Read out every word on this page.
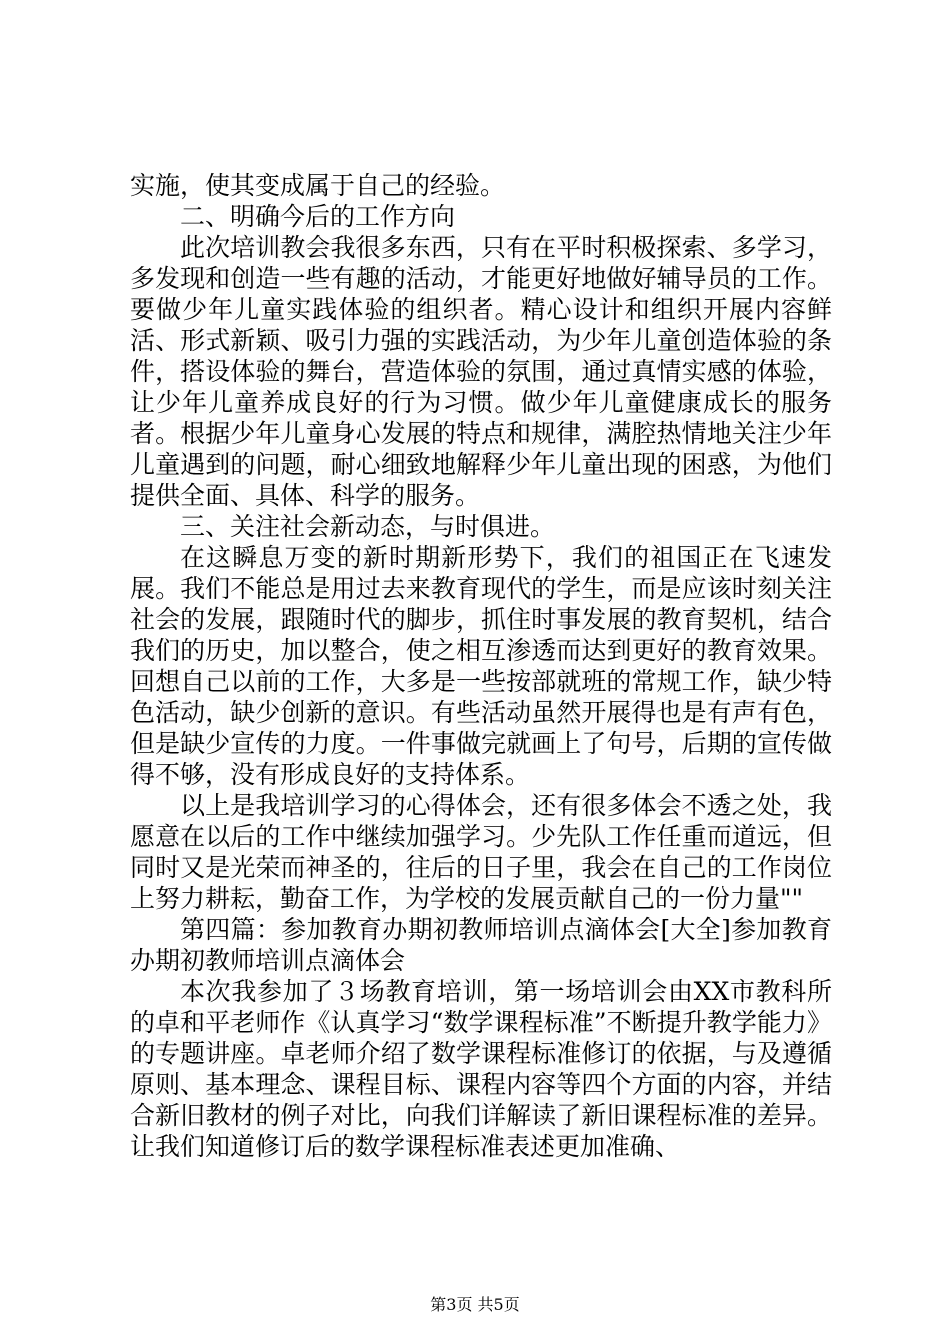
实施，使其变成属于自己的经验。

二、明确今后的工作方向

此次培训教会我很多东西，只有在平时积极探索、多学习，多发现和创造一些有趣的活动，才能更好地做好辅导员的工作。要做少年儿童实践体验的组织者。精心设计和组织开展内容鲜活、形式新颖、吸引力强的实践活动，为少年儿童创造体验的条件，搭设体验的舞台，营造体验的氛围，通过真情实感的体验，让少年儿童养成良好的行为习惯。做少年儿童健康成长的服务者。根据少年儿童身心发展的特点和规律，满腔热情地关注少年儿童遇到的问题，耐心细致地解释少年儿童出现的困惑，为他们提供全面、具体、科学的服务。

三、关注社会新动态，与时俱进。

在这瞬息万变的新时期新形势下，我们的祖国正在飞速发展。我们不能总是用过去来教育现代的学生，而是应该时刻关注社会的发展，跟随时代的脚步，抓住时事发展的教育契机，结合我们的历史，加以整合，使之相互渗透而达到更好的教育效果。回想自己以前的工作，大多是一些按部就班的常规工作，缺少特色活动，缺少创新的意识。有些活动虽然开展得也是有声有色，但是缺少宣传的力度。一件事做完就画上了句号，后期的宣传做得不够，没有形成良好的支持体系。

以上是我培训学习的心得体会，还有很多体会不透之处，我愿意在以后的工作中继续加强学习。少先队工作任重而道远，但同时又是光荣而神圣的，往后的日子里，我会在自己的工作岗位上努力耕耘，勤奋工作，为学校的发展贡献自己的一份力量""

第四篇：参加教育办期初教师培训点滴体会[大全]参加教育办期初教师培训点滴体会

本次我参加了３场教育培训，第一场培训会由XX市教科所的卓和平老师作《认真学习“数学课程标准”不断提升教学能力》的专题讲座。卓老师介绍了数学课程标准修订的依据，与及遵循原则、基本理念、课程目标、课程内容等四个方面的内容，并结合新旧教材的例子对比，向我们详解读了新旧课程标准的差异。让我们知道修订后的数学课程标准表述更加准确、

第3页 共5页
